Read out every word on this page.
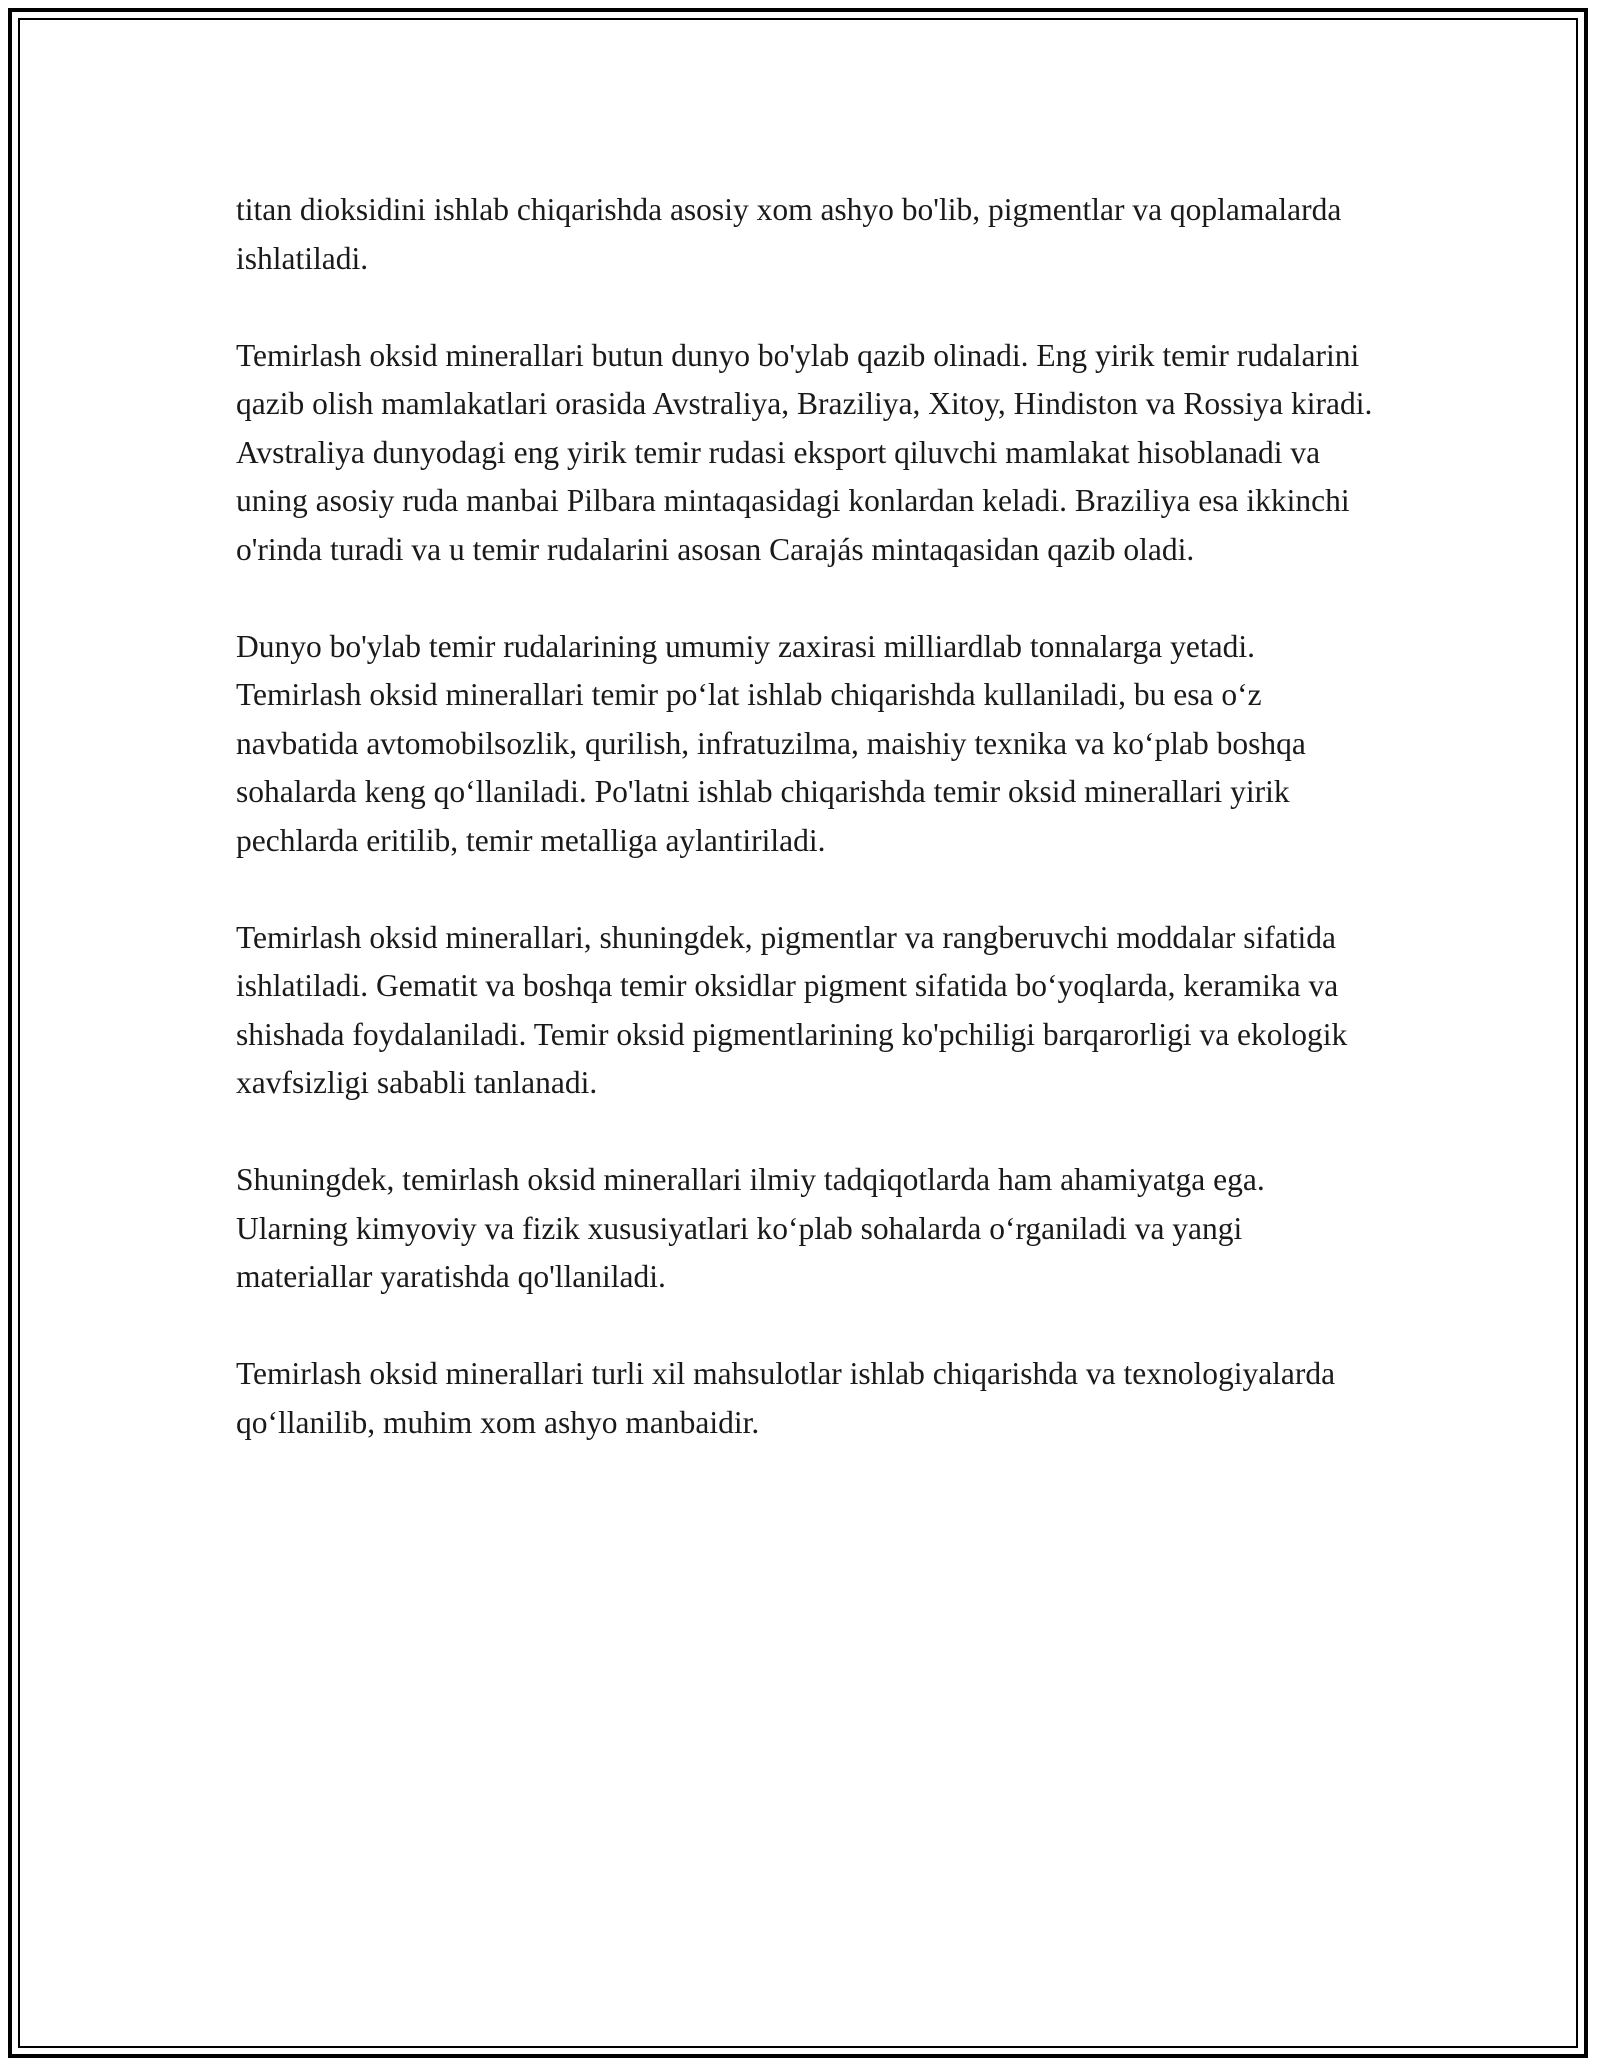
titan dioksidini ishlab chiqarishda asosiy xom ashyo bo'lib, pigmentlar va qoplamalarda ishlatiladi.

Temirlash oksid minerallari butun dunyo bo'ylab qazib olinadi. Eng yirik temir rudalarini qazib olish mamlakatlari orasida Avstraliya, Braziliya, Xitoy, Hindiston va Rossiya kiradi. Avstraliya dunyodagi eng yirik temir rudasi eksport qiluvchi mamlakat hisoblanadi va uning asosiy ruda manbai Pilbara mintaqasidagi konlardan keladi. Braziliya esa ikkinchi o'rinda turadi va u temir rudalarini asosan Carajás mintaqasidan qazib oladi.

Dunyo bo'ylab temir rudalarining umumiy zaxirasi milliardlab tonnalarga yetadi. Temirlash oksid minerallari temir poʻlat ishlab chiqarishda kullaniladi, bu esa oʻz navbatida avtomobilsozlik, qurilish, infratuzilma, maishiy texnika va koʻplab boshqa sohalarda keng qoʻllaniladi. Po'latni ishlab chiqarishda temir oksid minerallari yirik pechlarda eritilib, temir metalliga aylantiriladi.

Temirlash oksid minerallari, shuningdek, pigmentlar va rangberuvchi moddalar sifatida ishlatiladi. Gematit va boshqa temir oksidlar pigment sifatida boʻyoqlarda, keramika va shishada foydalaniladi. Temir oksid pigmentlarining ko'pchiligi barqarorligi va ekologik xavfsizligi sababli tanlanadi.

Shuningdek, temirlash oksid minerallari ilmiy tadqiqotlarda ham ahamiyatga ega. Ularning kimyoviy va fizik xususiyatlari koʻplab sohalarda oʻrganiladi va yangi materiallar yaratishda qo'llaniladi.

Temirlash oksid minerallari turli xil mahsulotlar ishlab chiqarishda va texnologiyalarda qoʻllanilib, muhim xom ashyo manbaidir.
